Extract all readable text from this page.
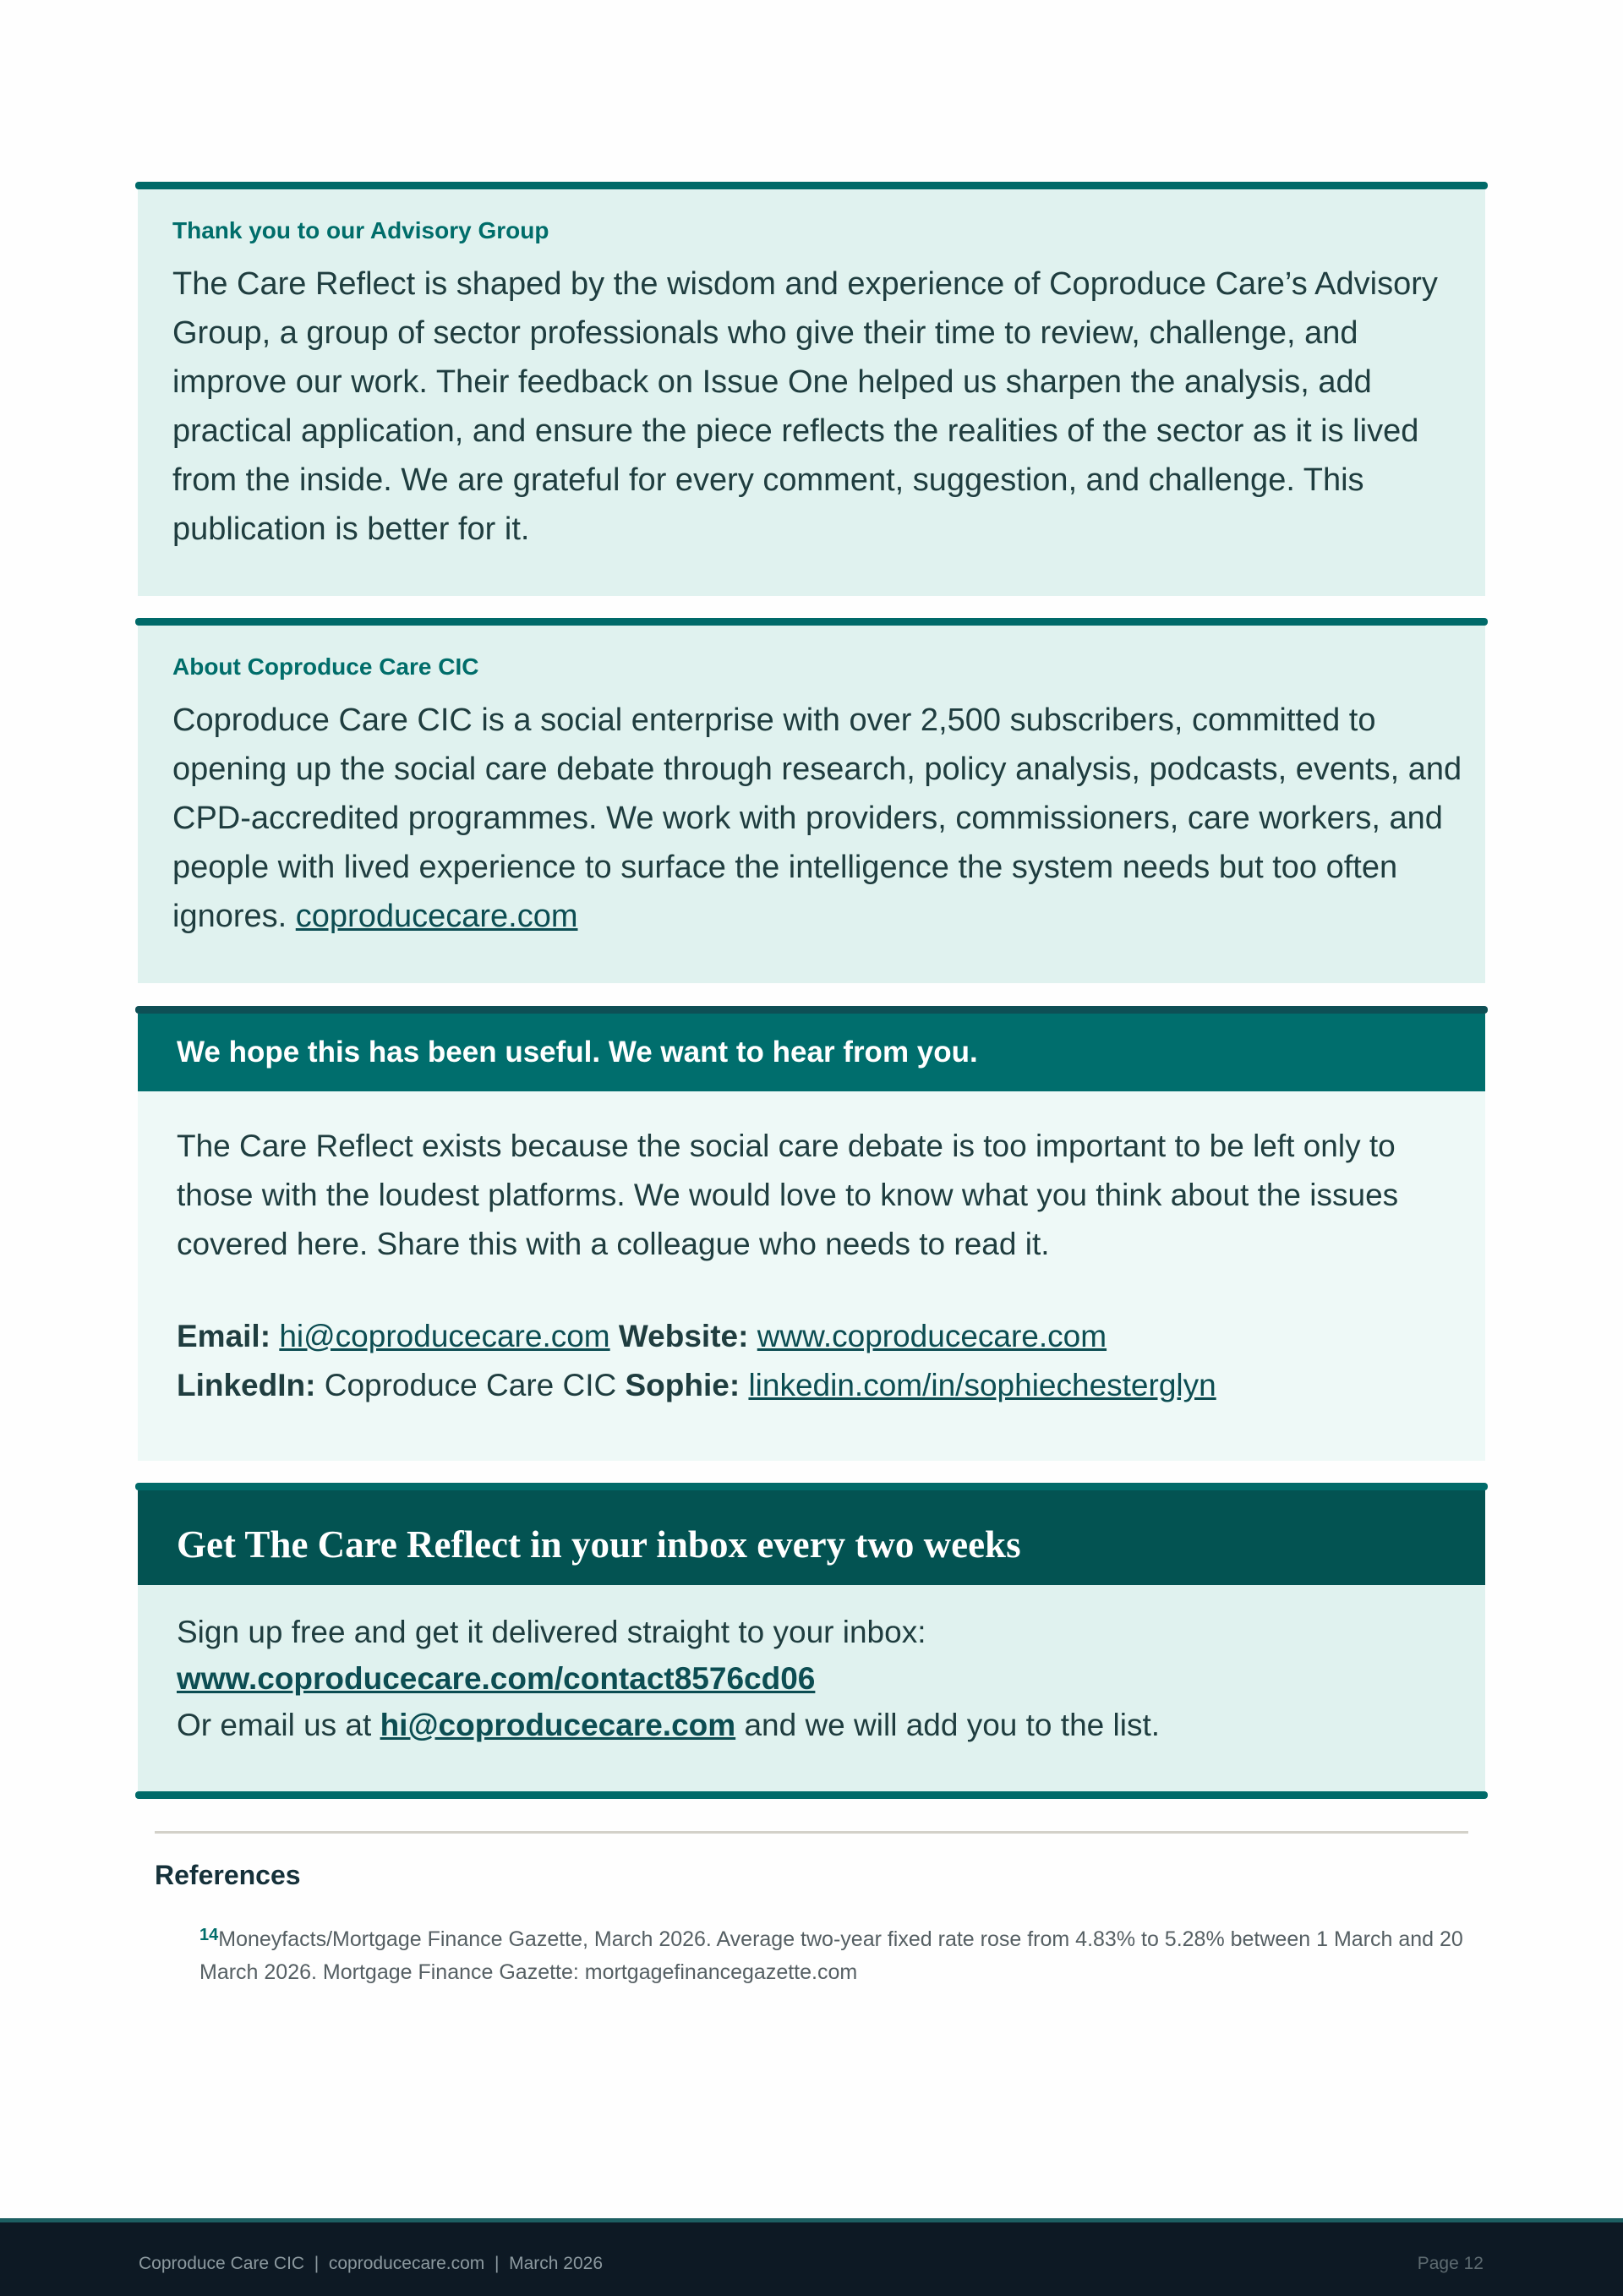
Thank you to our Advisory Group
The Care Reflect is shaped by the wisdom and experience of Coproduce Care’s Advisory Group, a group of sector professionals who give their time to review, challenge, and improve our work. Their feedback on Issue One helped us sharpen the analysis, add practical application, and ensure the piece reflects the realities of the sector as it is lived from the inside. We are grateful for every comment, suggestion, and challenge. This publication is better for it.
About Coproduce Care CIC
Coproduce Care CIC is a social enterprise with over 2,500 subscribers, committed to opening up the social care debate through research, policy analysis, podcasts, events, and CPD-accredited programmes. We work with providers, commissioners, care workers, and people with lived experience to surface the intelligence the system needs but too often ignores. coproducecare.com
We hope this has been useful. We want to hear from you.
The Care Reflect exists because the social care debate is too important to be left only to those with the loudest platforms. We would love to know what you think about the issues covered here. Share this with a colleague who needs to read it.
Email: hi@coproducecare.com Website: www.coproducecare.com
LinkedIn: Coproduce Care CIC Sophie: linkedin.com/in/sophiechesterglyn
Get The Care Reflect in your inbox every two weeks
Sign up free and get it delivered straight to your inbox:
www.coproducecare.com/contact8576cd06
Or email us at hi@coproducecare.com and we will add you to the list.
References
$^{14}$Moneyfacts/Mortgage Finance Gazette, March 2026. Average two-year fixed rate rose from 4.83% to 5.28% between 1 March and 20 March 2026. Mortgage Finance Gazette: mortgagefinancegazette.com
Coproduce Care CIC  |  coproducecare.com  |  March 2026	Page 12
